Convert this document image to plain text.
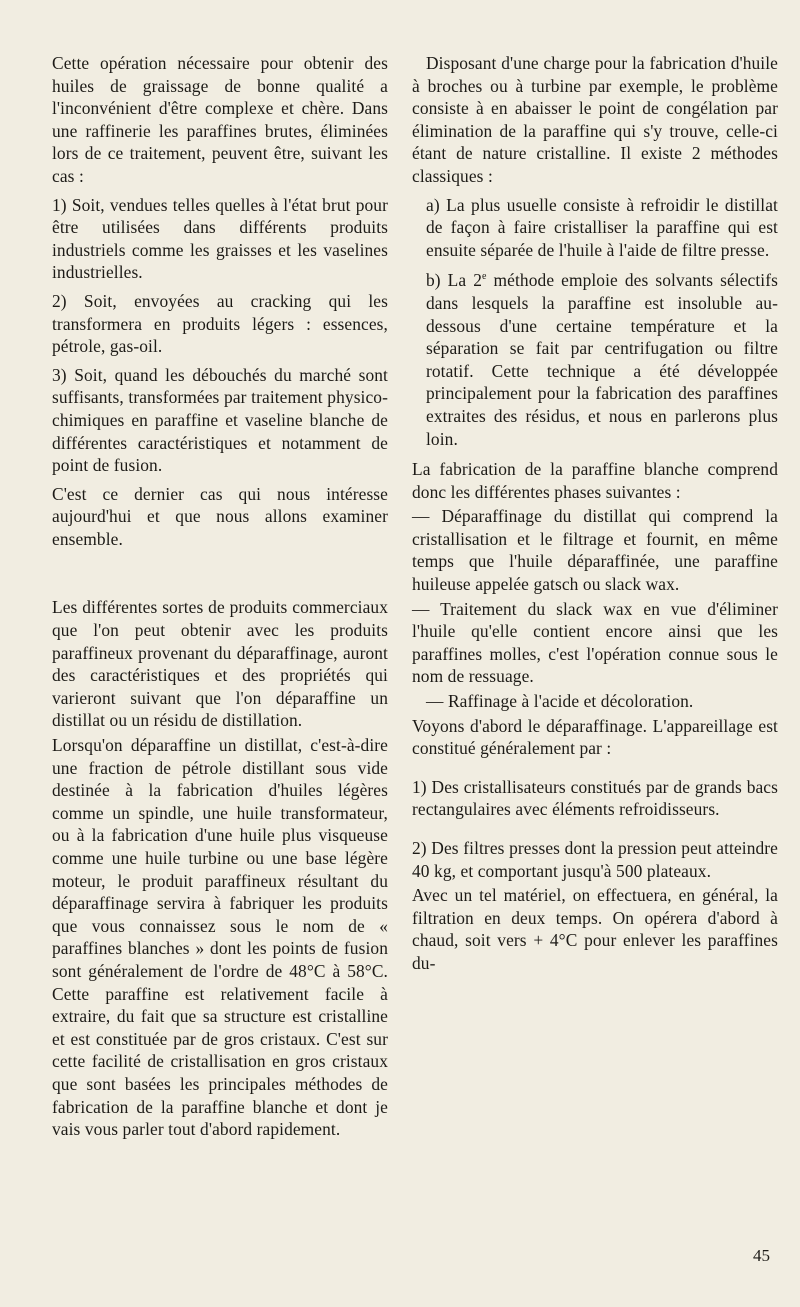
Cette opération nécessaire pour obtenir des huiles de graissage de bonne qualité a l'inconvénient d'être complexe et chère. Dans une raffinerie les paraffines brutes, éliminées lors de ce traitement, peuvent être, suivant les cas :

1) Soit, vendues telles quelles à l'état brut pour être utilisées dans différents produits industriels comme les graisses et les vaselines industrielles.

2) Soit, envoyées au cracking qui les transformera en produits légers : essences, pétrole, gas-oil.

3) Soit, quand les débouchés du marché sont suffisants, transformées par traitement physico-chimiques en paraffine et vaseline blanche de différentes caractéristiques et notamment de point de fusion.

C'est ce dernier cas qui nous intéresse aujourd'hui et que nous allons examiner ensemble.

Les différentes sortes de produits commerciaux que l'on peut obtenir avec les produits paraffineux provenant du déparaffinage, auront des caractéristiques et des propriétés qui varieront suivant que l'on déparaffine un distillat ou un résidu de distillation.

Lorsqu'on déparaffine un distillat, c'est-à-dire une fraction de pétrole distillant sous vide destinée à la fabrication d'huiles légères comme un spindle, une huile transformateur, ou à la fabrication d'une huile plus visqueuse comme une huile turbine ou une base légère moteur, le produit paraffineux résultant du déparaffinage servira à fabriquer les produits que vous connaissez sous le nom de « paraffines blanches » dont les points de fusion sont généralement de l'ordre de 48°C à 58°C. Cette paraffine est relativement facile à extraire, du fait que sa structure est cristalline et est constituée par de gros cristaux. C'est sur cette facilité de cristallisation en gros cristaux que sont basées les principales méthodes de fabrication de la paraffine blanche et dont je vais vous parler tout d'abord rapidement.

Disposant d'une charge pour la fabrication d'huile à broches ou à turbine par exemple, le problème consiste à en abaisser le point de congélation par élimination de la paraffine qui s'y trouve, celle-ci étant de nature cristalline. Il existe 2 méthodes classiques :

a) La plus usuelle consiste à refroidir le distillat de façon à faire cristalliser la paraffine qui est ensuite séparée de l'huile à l'aide de filtre presse.

b) La 2e méthode emploie des solvants sélectifs dans lesquels la paraffine est insoluble au-dessous d'une certaine température et la séparation se fait par centrifugation ou filtre rotatif. Cette technique a été développée principalement pour la fabrication des paraffines extraites des résidus, et nous en parlerons plus loin.

La fabrication de la paraffine blanche comprend donc les différentes phases suivantes :

— Déparaffinage du distillat qui comprend la cristallisation et le filtrage et fournit, en même temps que l'huile déparaffinée, une paraffine huileuse appelée gatsch ou slack wax.

— Traitement du slack wax en vue d'éliminer l'huile qu'elle contient encore ainsi que les paraffines molles, c'est l'opération connue sous le nom de ressuage.

— Raffinage à l'acide et décoloration.

Voyons d'abord le déparaffinage. L'appareillage est constitué généralement par :

1) Des cristallisateurs constitués par de grands bacs rectangulaires avec éléments refroidisseurs.

2) Des filtres presses dont la pression peut atteindre 40 kg, et comportant jusqu'à 500 plateaux.

Avec un tel matériel, on effectuera, en général, la filtration en deux temps. On opérera d'abord à chaud, soit vers + 4°C pour enlever les paraffines du-

45
